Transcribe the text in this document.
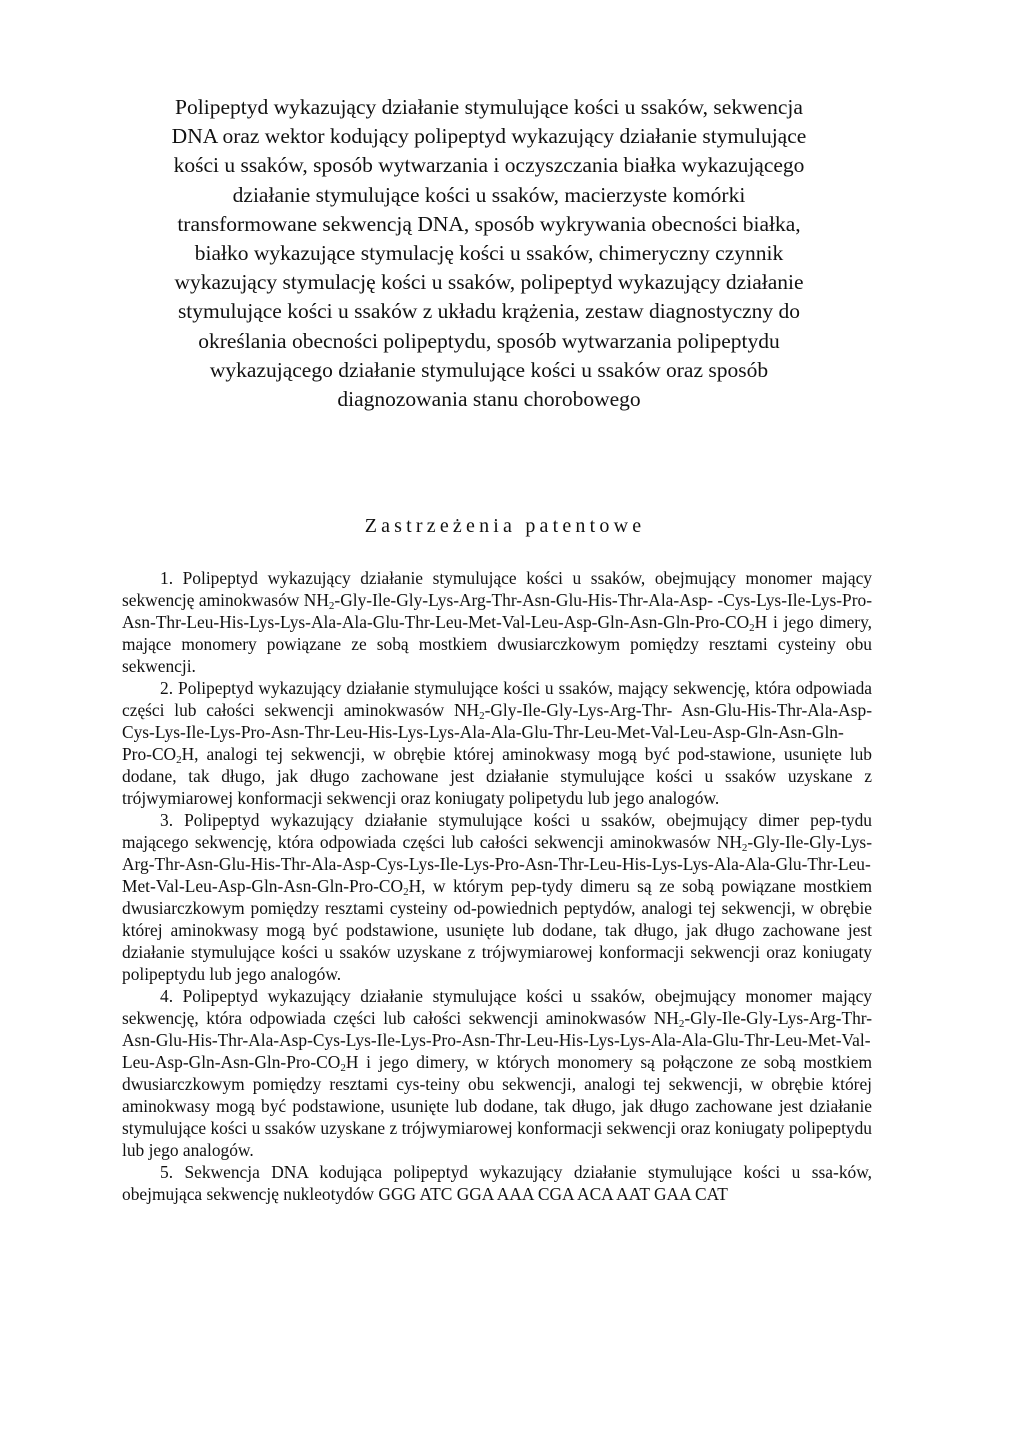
Polipeptyd wykazujący działanie stymulujące kości u ssaków, sekwencja DNA oraz wektor kodujący polipeptyd wykazujący działanie stymulujące kości u ssaków, sposób wytwarzania i oczyszczania białka wykazującego działanie stymulujące kości u ssaków, macierzyste komórki transformowane sekwencją DNA, sposób wykrywania obecności białka, białko wykazujące stymulację kości u ssaków, chimeryczny czynnik wykazujący stymulację kości u ssaków, polipeptyd wykazujący działanie stymulujące kości u ssaków z układu krążenia, zestaw diagnostyczny do określania obecności polipeptydu, sposób wytwarzania polipeptydu wykazującego działanie stymulujące kości u ssaków oraz sposób diagnozowania stanu chorobowego
Zastrzeżenia patentowe

1. Polipeptyd wykazujący działanie stymulujące kości u ssaków, obejmujący monomer mający sekwencję aminokwasów $NH_2-Gly-Ile-Gly-Lys-Arg-Thr-Asn-Glu-His-Thr-Ala-Asp-$ $-Cys-Lys-Ile-Lys-Pro-Asn-Thr-Leu-His-Lys-Lys-Ala-Ala-Glu-Thr-Leu-Met-Val-Leu-Asp-Gln-Asn-Gln-Pro-CO_2H$ i jego dimery, mające monomery powiązane ze sobą mostkiem dwusiarczkowym pomiędzy resztami cysteiny obu sekwencji.

2. Polipeptyd wykazujący działanie stymulujące kości u ssaków, mający sekwencję, która odpowiada części lub całości sekwencji aminokwasów $NH_2-Gly-Ile-Gly-Lys-Arg-Thr-$ Asn-Glu-His-Thr-Ala-Asp-Cys-Lys-Ile-Lys-Pro-Asn-Thr-Leu-His-Lys-Lys-Ala-Ala-Glu-Thr-Leu-Met-Val-Leu-Asp-Gln-Asn-Gln-Pro-$CO_2H$, analogi tej sekwencji, w obrębie której aminokwasy mogą być pod-stawione, usunięte lub dodane, tak długo, jak długo zachowane jest działanie stymulujące kości u ssaków uzyskane z trójwymiarowej konformacji sekwencji oraz koniugaty polipetydu lub jego analogów.

3. Polipeptyd wykazujący działanie stymulujące kości u ssaków, obejmujący dimer pep-tydu mającego sekwencję, która odpowiada części lub całości sekwencji aminokwasów $NH_2-Gly-Ile-Gly-Lys-Arg-Thr-Asn-Glu-His-Thr-Ala-Asp-Cys-Lys-Ile-Lys-Pro-Asn-Thr-Leu-His-Lys-Lys-Ala-Ala-Glu-Thr-Leu-Met-$Val-$Leu-Asp-Gln-Asn-Gln-Pro-CO_2H$, w którym pep-tydy dimeru są ze sobą powiązane mostkiem dwusiarczkowym pomiędzy resztami cysteiny od-powiednich peptydów, analogi tej sekwencji, w obrębie której aminokwasy mogą być podstawione, usunięte lub dodane, tak długo, jak długo zachowane jest działanie stymulujące kości u ssaków uzyskane z trójwymiarowej konformacji sekwencji oraz koniugaty polipeptydu lub jego analogów.

4. Polipeptyd wykazujący działanie stymulujące kości u ssaków, obejmujący monomer mający sekwencję, która odpowiada części lub całości sekwencji aminokwasów $NH_2-Gly-Ile-Gly-Lys-Arg-Thr-Asn-Glu-His-Thr-Ala-Asp-Cys-Lys-Ile-Lys-Pro-Asn-Thr-Leu-His-Lys-Lys-Ala-Ala-Glu-Thr-Leu-Met-$Val-$Leu-Asp-Gln-Asn-Gln-Pro-CO_2H$ i jego dimery, w których monomery są połączone ze sobą mostkiem dwusiarczkowym pomiędzy resztami cys-teiny obu sekwencji, analogi tej sekwencji, w obrębie której aminokwasy mogą być podstawione, usunięte lub dodane, tak długo, jak długo zachowane jest działanie stymulujące kości u ssaków uzyskane z trójwymiarowej konformacji sekwencji oraz koniugaty polipeptydu lub jego analogów.

5. Sekwencja DNA kodująca polipeptyd wykazujący działanie stymulujące kości u ssa-ków, obejmująca sekwencję nukleotydów GGG ATC GGA AAA CGA ACA AAT GAA CAT
